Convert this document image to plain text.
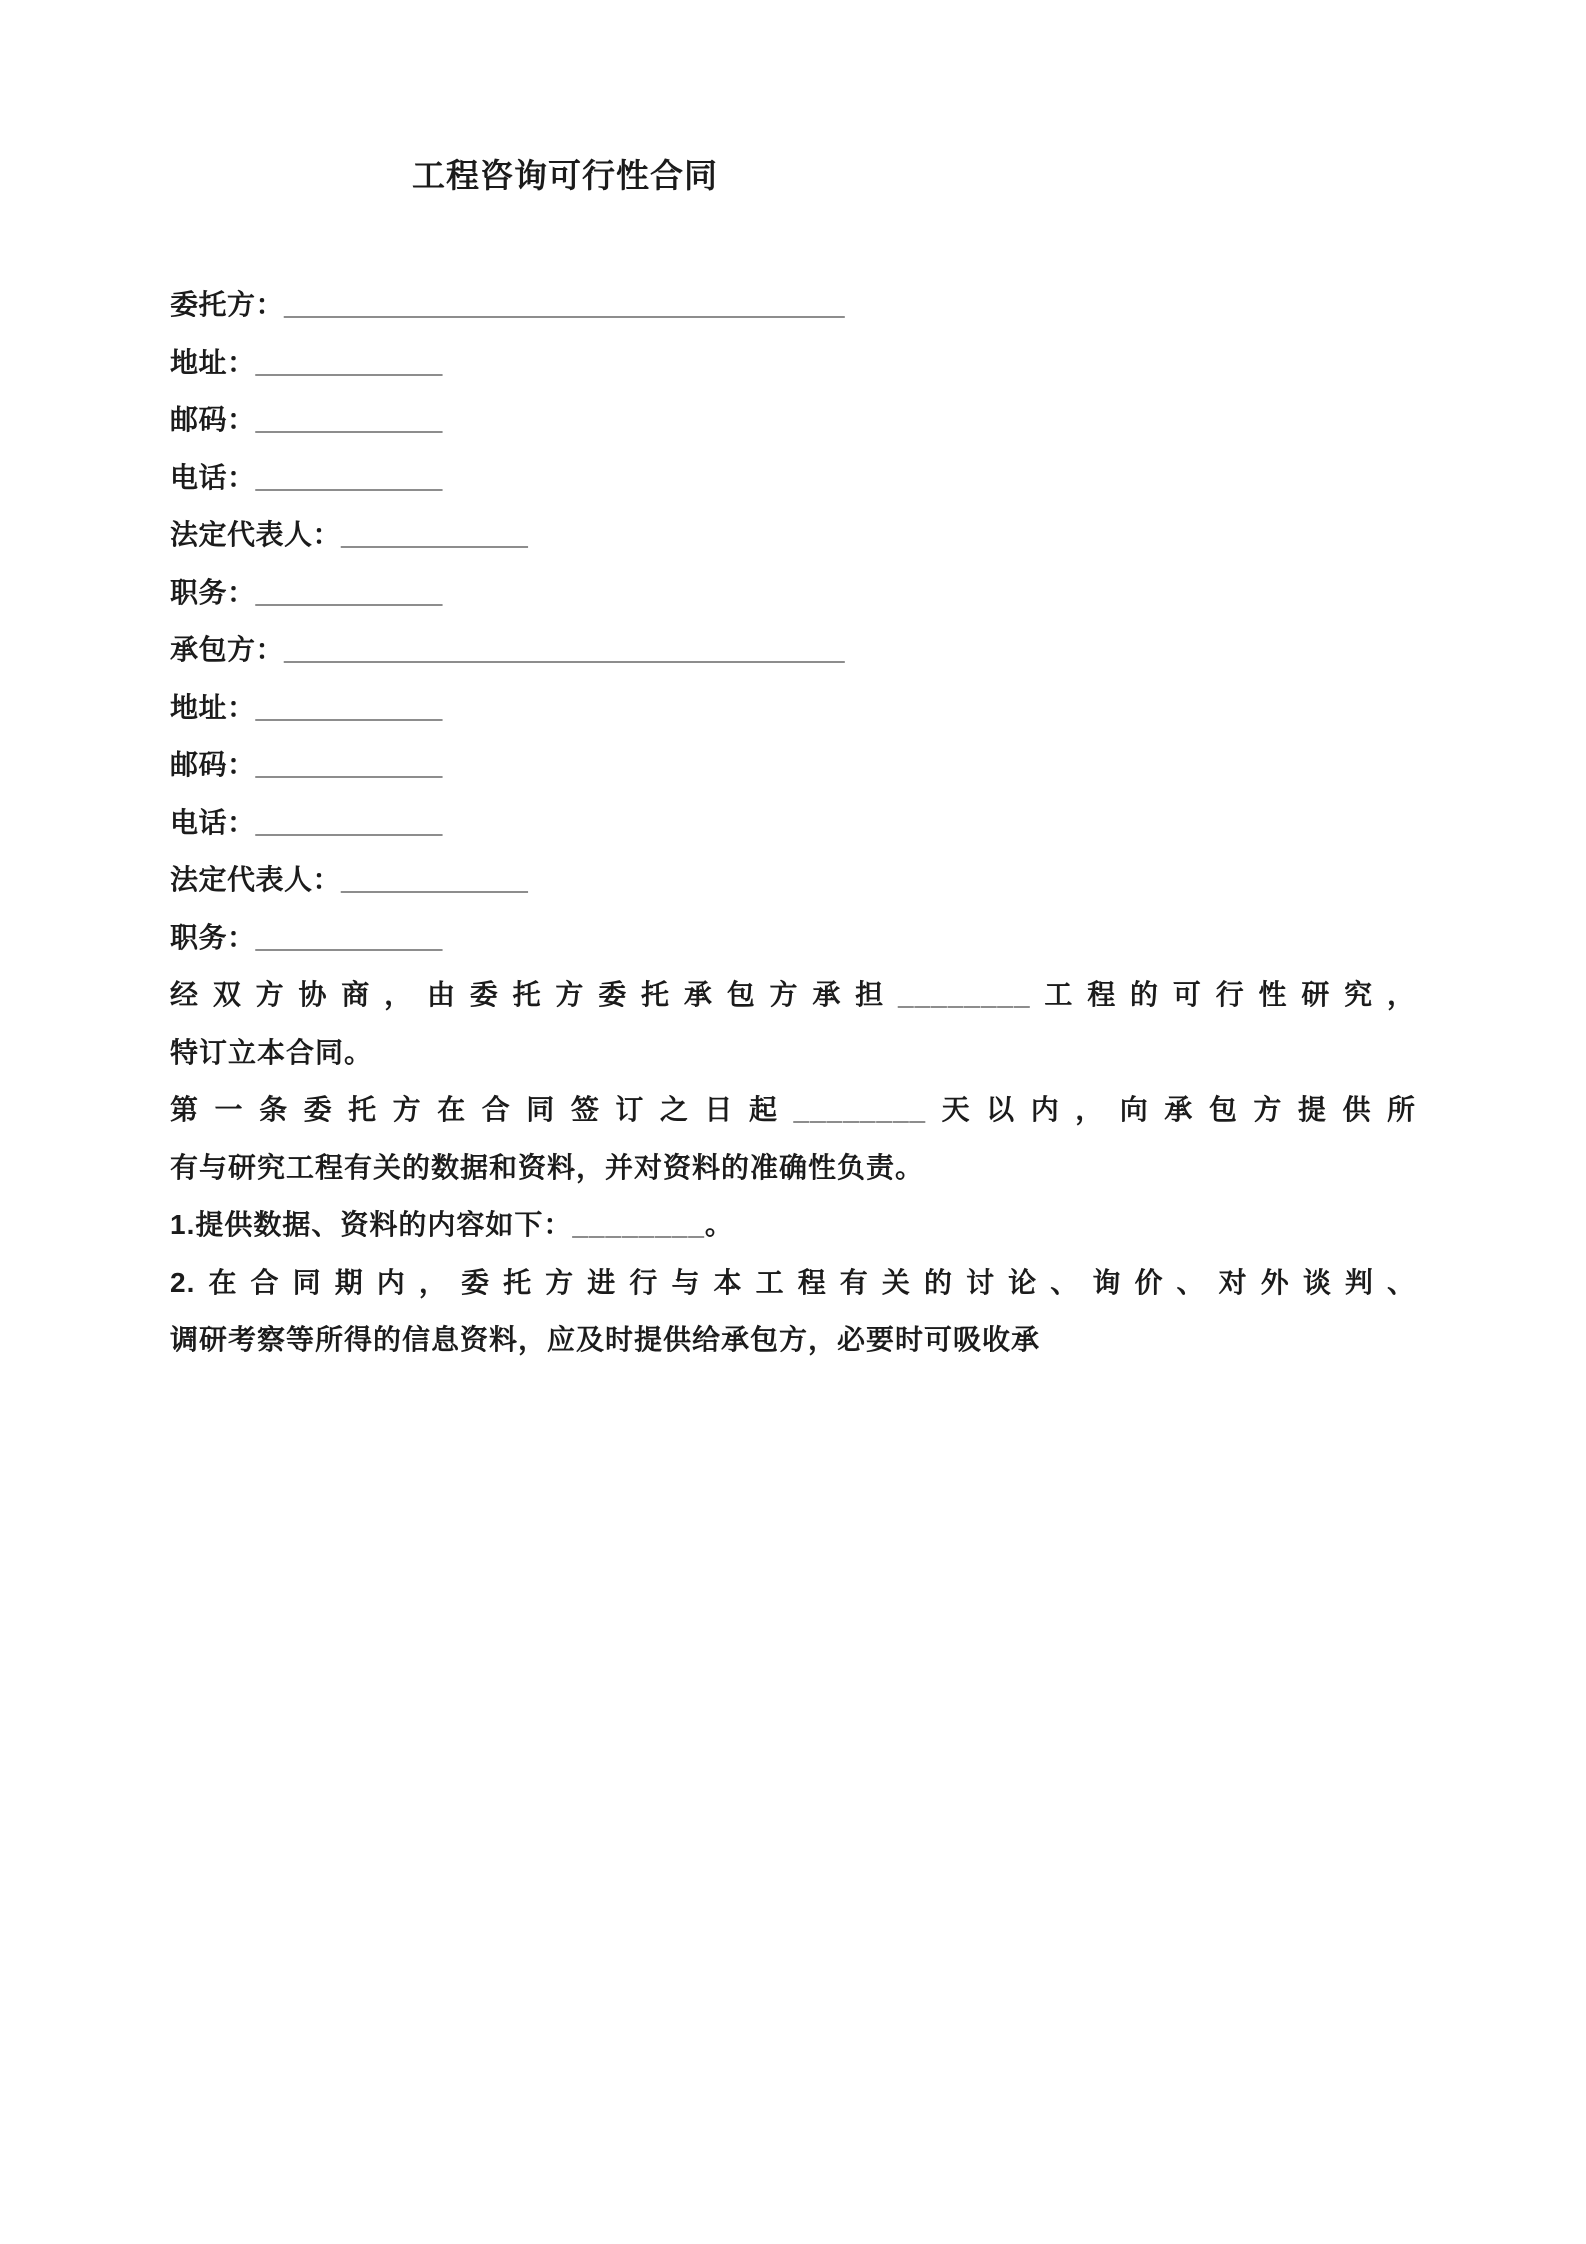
工程咨询可行性合同
委托方：____________________________________
地址：____________
邮码：____________
电话：____________
法定代表人：____________
职务：____________
承包方：____________________________________
地址：____________
邮码：____________
电话：____________
法定代表人：____________
职务：____________
经双方协商，由委托方委托承包方承担________工程的可行性研究，
特订立本合同。
第一条委托方在合同签订之日起________天以内，向承包方提供所
有与研究工程有关的数据和资料，并对资料的准确性负责。
1.提供数据、资料的内容如下：________。
2.在合同期内，委托方进行与本工程有关的讨论、询价、对外谈判、
调研考察等所得的信息资料，应及时提供给承包方，必要时可吸收承
